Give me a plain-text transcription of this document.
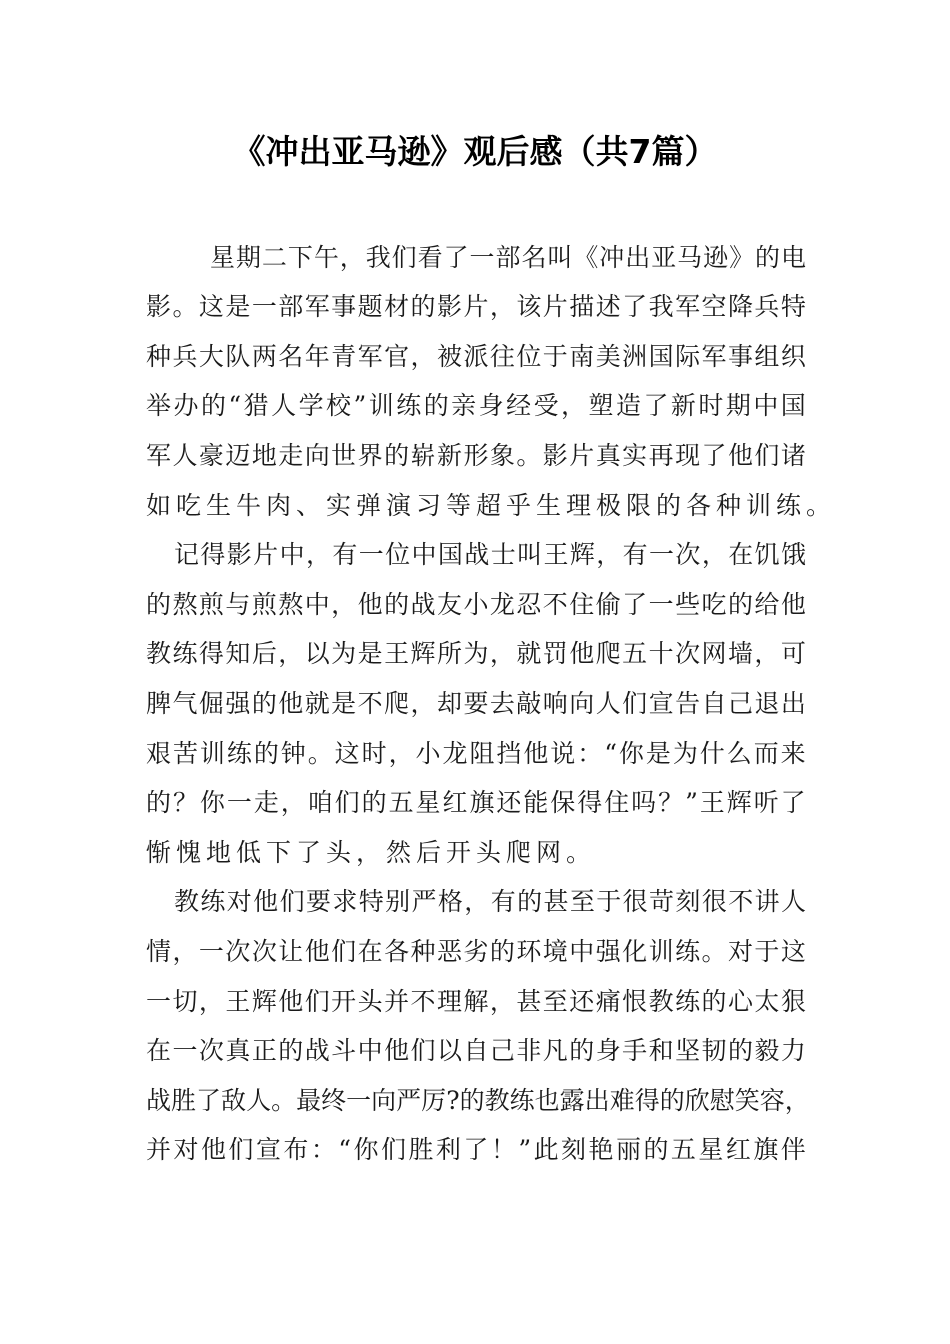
《冲出亚马逊》观后感（共7篇）
星 期 二 下 午 ， 我 们 看 了 一 部 名 叫 《 冲 出 亚 马 逊 》 的 电
影 。 这 是 一 部 军 事 题 材 的 影 片 ， 该 片 描 述 了 我 军 空 降 兵 特
种 兵 大 队 两 名 年 青 军 官 ， 被 派 往 位 于 南 美 洲 国 际 军 事 组 织
举 办 的 “ 猎 人 学 校 ” 训 练 的 亲 身 经 受 ， 塑 造 了 新 时 期 中 国
军 人 豪 迈 地 走 向 世 界 的 崭 新 形 象 。 影 片 真 实 再 现 了 他 们 诸
如吃生牛肉、实弹演习等超乎生理极限的各种训练。
记 得 影 片 中 ， 有 一 位 中 国 战 士 叫 王 辉 ， 有 一 次 ， 在 饥 饿
的 熬 煎 与 煎 熬 中 ， 他 的 战 友 小 龙 忍 不 住 偷 了 一 些 吃 的 给 他
教 练 得 知 后 ， 以 为 是 王 辉 所 为 ， 就 罚 他 爬 五 十 次 网 墙 ， 可
脾 气 倔 强 的 他 就 是 不 爬 ， 却 要 去 敲 响 向 人 们 宣 告 自 己 退 出
艰 苦 训 练 的 钟 。 这 时 ， 小 龙 阻 挡 他 说 ： “ 你 是 为 什 么 而 来
的 ？ 你 一 走 ， 咱 们 的 五 星 红 旗 还 能 保 得 住 吗 ？ ” 王 辉 听 了
惭愧地低下了头，然后开头爬网。
教 练 对 他 们 要 求 特 别 严 格 ， 有 的 甚 至 于 很 苛 刻 很 不 讲 人
情 ， 一 次 次 让 他 们 在 各 种 恶 劣 的 环 境 中 强 化 训 练 。 对 于 这
一 切 ， 王 辉 他 们 开 头 并 不 理 解 ， 甚 至 还 痛 恨 教 练 的 心 太 狠
在 一 次 真 正 的 战 斗 中 他 们 以 自 己 非 凡 的 身 手 和 坚 韧 的 毅 力
战 胜 了 敌 人 。 最 终 一 向 严 厉 ? 的 教 练 也 露 出 难 得 的 欣 慰 笑 容 ，
并 对 他 们 宣 布 ： “ 你 们 胜 利 了 ！ ” 此 刻 艳 丽 的 五 星 红 旗 伴
